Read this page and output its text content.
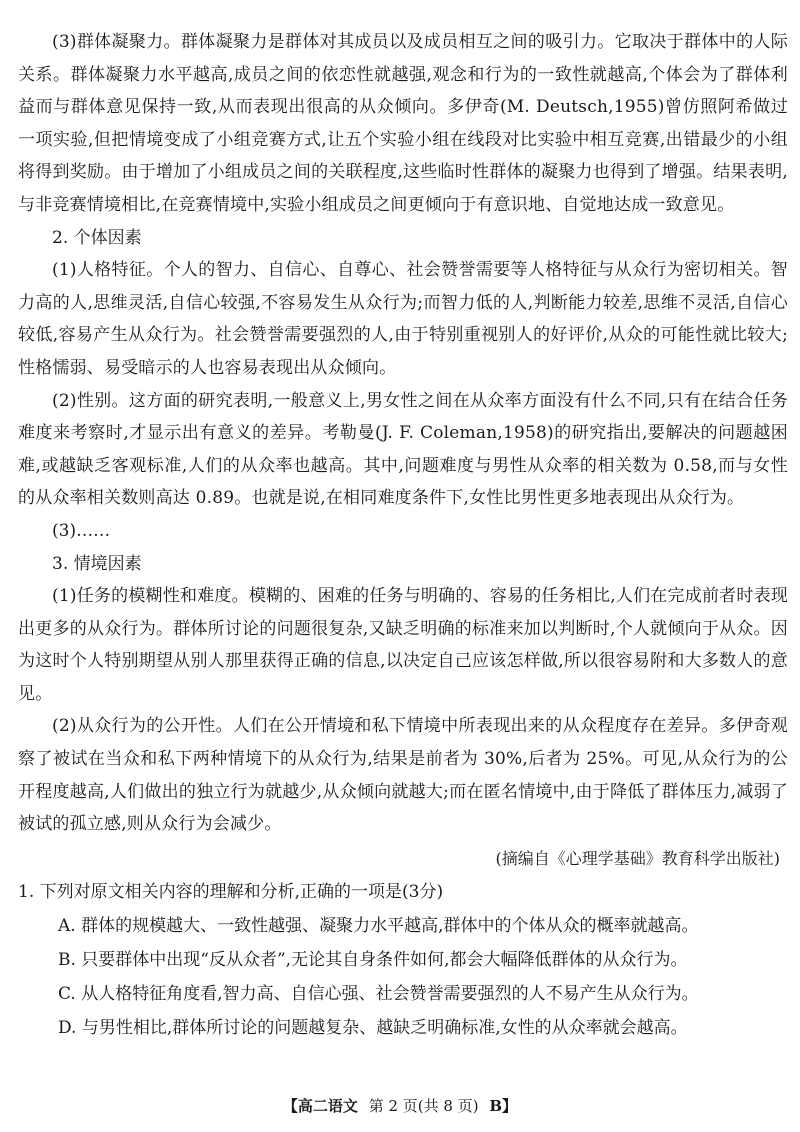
(3)群体凝聚力。群体凝聚力是群体对其成员以及成员相互之间的吸引力。它取决于群体中的人际关系。群体凝聚力水平越高,成员之间的依恋性就越强,观念和行为的一致性就越高,个体会为了群体利益而与群体意见保持一致,从而表现出很高的从众倾向。多伊奇(M. Deutsch,1955)曾仿照阿希做过一项实验,但把情境变成了小组竞赛方式,让五个实验小组在线段对比实验中相互竞赛,出错最少的小组将得到奖励。由于增加了小组成员之间的关联程度,这些临时性群体的凝聚力也得到了增强。结果表明,与非竞赛情境相比,在竞赛情境中,实验小组成员之间更倾向于有意识地、自觉地达成一致意见。

2. 个体因素

(1)人格特征。个人的智力、自信心、自尊心、社会赞誉需要等人格特征与从众行为密切相关。智力高的人,思维灵活,自信心较强,不容易发生从众行为;而智力低的人,判断能力较差,思维不灵活,自信心较低,容易产生从众行为。社会赞誉需要强烈的人,由于特别重视别人的好评价,从众的可能性就比较大;性格懦弱、易受暗示的人也容易表现出从众倾向。

(2)性别。这方面的研究表明,一般意义上,男女性之间在从众率方面没有什么不同,只有在结合任务难度来考察时,才显示出有意义的差异。考勒曼(J. F. Coleman,1958)的研究指出,要解决的问题越困难,或越缺乏客观标准,人们的从众率也越高。其中,问题难度与男性从众率的相关数为 0.58,而与女性的从众率相关数则高达 0.89。也就是说,在相同难度条件下,女性比男性更多地表现出从众行为。

(3)……

3. 情境因素

(1)任务的模糊性和难度。模糊的、困难的任务与明确的、容易的任务相比,人们在完成前者时表现出更多的从众行为。群体所讨论的问题很复杂,又缺乏明确的标准来加以判断时,个人就倾向于从众。因为这时个人特别期望从别人那里获得正确的信息,以决定自己应该怎样做,所以很容易附和大多数人的意见。

(2)从众行为的公开性。人们在公开情境和私下情境中所表现出来的从众程度存在差异。多伊奇观察了被试在当众和私下两种情境下的从众行为,结果是前者为 30%,后者为 25%。可见,从众行为的公开程度越高,人们做出的独立行为就越少,从众倾向就越大;而在匿名情境中,由于降低了群体压力,减弱了被试的孤立感,则从众行为会减少。

(摘编自《心理学基础》教育科学出版社)

1. 下列对原文相关内容的理解和分析,正确的一项是(3分)

A. 群体的规模越大、一致性越强、凝聚力水平越高,群体中的个体从众的概率就越高。

B. 只要群体中出现“反从众者”,无论其自身条件如何,都会大幅降低群体的从众行为。

C. 从人格特征角度看,智力高、自信心强、社会赞誉需要强烈的人不易产生从众行为。

D. 与男性相比,群体所讨论的问题越复杂、越缺乏明确标准,女性的从众率就会越高。

【高二语文 第 2 页(共 8 页) B】
